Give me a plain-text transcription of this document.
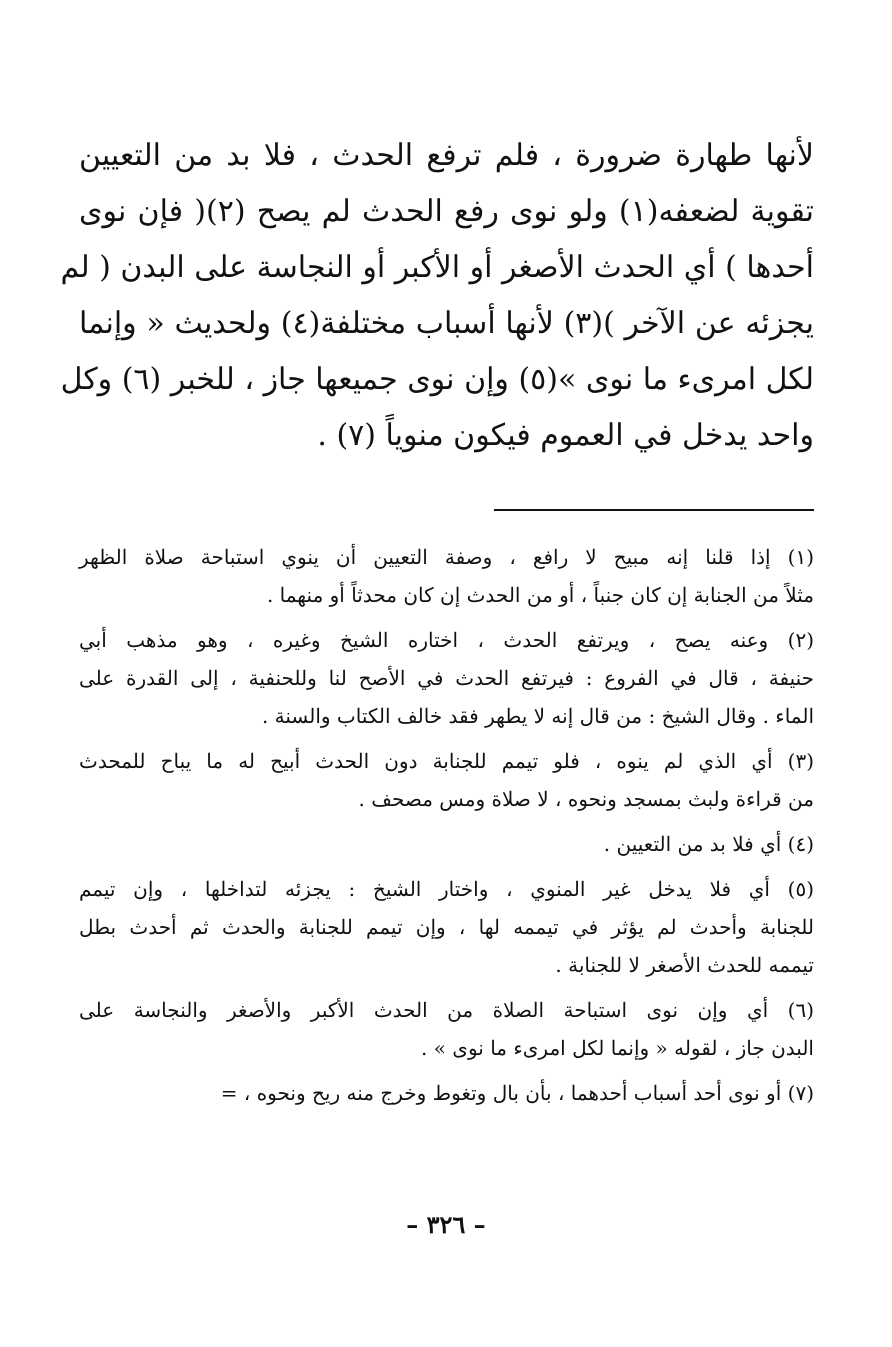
لأنها طهارة ضرورة ، فلم ترفع الحدث ، فلا بد من التعيين
تقوية لضعفه(١) ولو نوى رفع الحدث لم يصح (٢)( فإن نوى
أحدها ) أي الحدث الأصغر أو الأكبر أو النجاسة على البدن ( لم
يجزئه عن الآخر )(٣) لأنها أسباب مختلفة(٤) ولحديث « وإنما
لكل امرىء ما نوى »(٥) وإن نوى جميعها جاز ، للخبر (٦) وكل
واحد يدخل في العموم فيكون منوياً (٧) .
(١) إذا قلنا إنه مبيح لا رافع ، وصفة التعيين أن ينوي استباحة صلاة الظهر
مثلاً من الجنابة إن كان جنباً ، أو من الحدث إن كان محدثاً أو منهما .
(٢) وعنه يصح ، ويرتفع الحدث ، اختاره الشيخ وغيره ، وهو مذهب أبي
حنيفة ، قال في الفروع : فيرتفع الحدث في الأصح لنا وللحنفية ، إلى القدرة على
الماء . وقال الشيخ : من قال إنه لا يطهر فقد خالف الكتاب والسنة .
(٣) أي الذي لم ينوه ، فلو تيمم للجنابة دون الحدث أبيح له ما يباح للمحدث
من قراءة ولبث بمسجد ونحوه ، لا صلاة ومس مصحف .
(٤) أي فلا بد من التعيين .
(٥) أي فلا يدخل غير المنوي ، واختار الشيخ : يجزئه لتداخلها ، وإن تيمم
للجنابة وأحدث لم يؤثر في تيممه لها ، وإن تيمم للجنابة والحدث ثم أحدث بطل
تيممه للحدث الأصغر لا للجنابة .
(٦) أي وإن نوى استباحة الصلاة من الحدث الأكبر والأصغر والنجاسة على
البدن جاز ، لقوله « وإنما لكل امرىء ما نوى » .
(٧) أو نوى أحد أسباب أحدهما ، بأن بال وتغوط وخرج منه ريح ونحوه ، =
– ٣٢٦ –
